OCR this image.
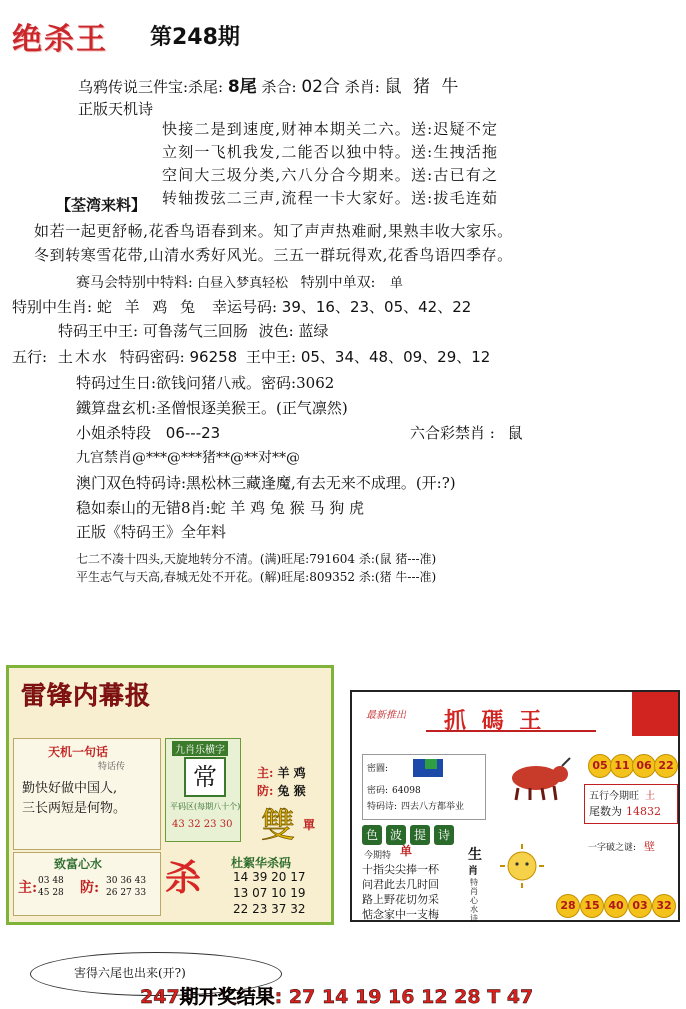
绝杀王 第248期
乌鸦传说三件宝:杀尾: 8尾 杀合: 02合 杀肖: 鼠 猪 牛
正版天机诗
快接二是到速度,财神本期关二六。送:迟疑不定
立刻一飞机我发,二能否以独中特。送:生拽活拖
空间大三圾分类,六八分合今期来。送:古已有之
转轴拨弦二三声,流程一卡大家好。送:拔毛连茹
【荃湾来料】
如若一起更舒畅,花香鸟语春到来。知了声声热难耐,果熟丰收大家乐。
冬到转寒雪花带,山清水秀好风光。三五一群玩得欢,花香鸟语四季存。
赛马会特别中特料: 白昼入梦真轻松 特别中单双: 单
特别中生肖: 蛇 羊 鸡 兔 幸运号码: 39、16、23、05、42、22
特码王中王: 可鲁荡气三回肠 波色: 蓝绿
五行: 土木水 特码密码: 96258 王中王: 05、34、48、09、29、12
特码过生日:欲钱问猪八戒。密码:3062
鐵算盘玄机:圣僧恨逐美猴王。(正气凛然)
小姐杀特段 06---23	六合彩禁肖 : 鼠
九宫禁肖@***@***猪**@**对**@
澳门双色特码诗:黑松林三藏逢魔,有去无来不成理。(开:?)
稳如泰山的无错8肖:蛇 羊 鸡 兔 猴 马 狗 虎
正版《特码王》全年料
七二不凑十四头,天旋地转分不清。(满)旺尾:791604 杀:(鼠 猪---准)
平生志气与天高,春城无处不开花。(解)旺尾:809352 杀:(猪 牛---准)
雷锋内幕报
天机一句话
特话传
勤快好做中国人,
三长两短是何物。
九肖乐横字
常
平码区(每期八十个)
43 32 23 30
主: 羊 鸡
防: 兔 猴
雙 單
致富心水
主: 03 48 45 28	防: 30 36 43 26 27 33 杀 杜絮华杀码
14 39 20 17
13 07 10 19
22 23 37 32
最新推出 抓 碼 王
密圖:
密码: 64098
特码诗: 四去八方都举业
色 波 提 诗
今期特 单	生
肖
特肖心水诗
十指尖尖捧一杯
问君此去几时回
路上野花切勿采
惦念家中一支梅
05 11 06 22
五行今期旺 土
尾数为 14832
一字破之谜: 壁
28 15 40 03 32
害得六尾也出来(开?)
247期开奖结果: 27 14 19 16 12 28 T 47
